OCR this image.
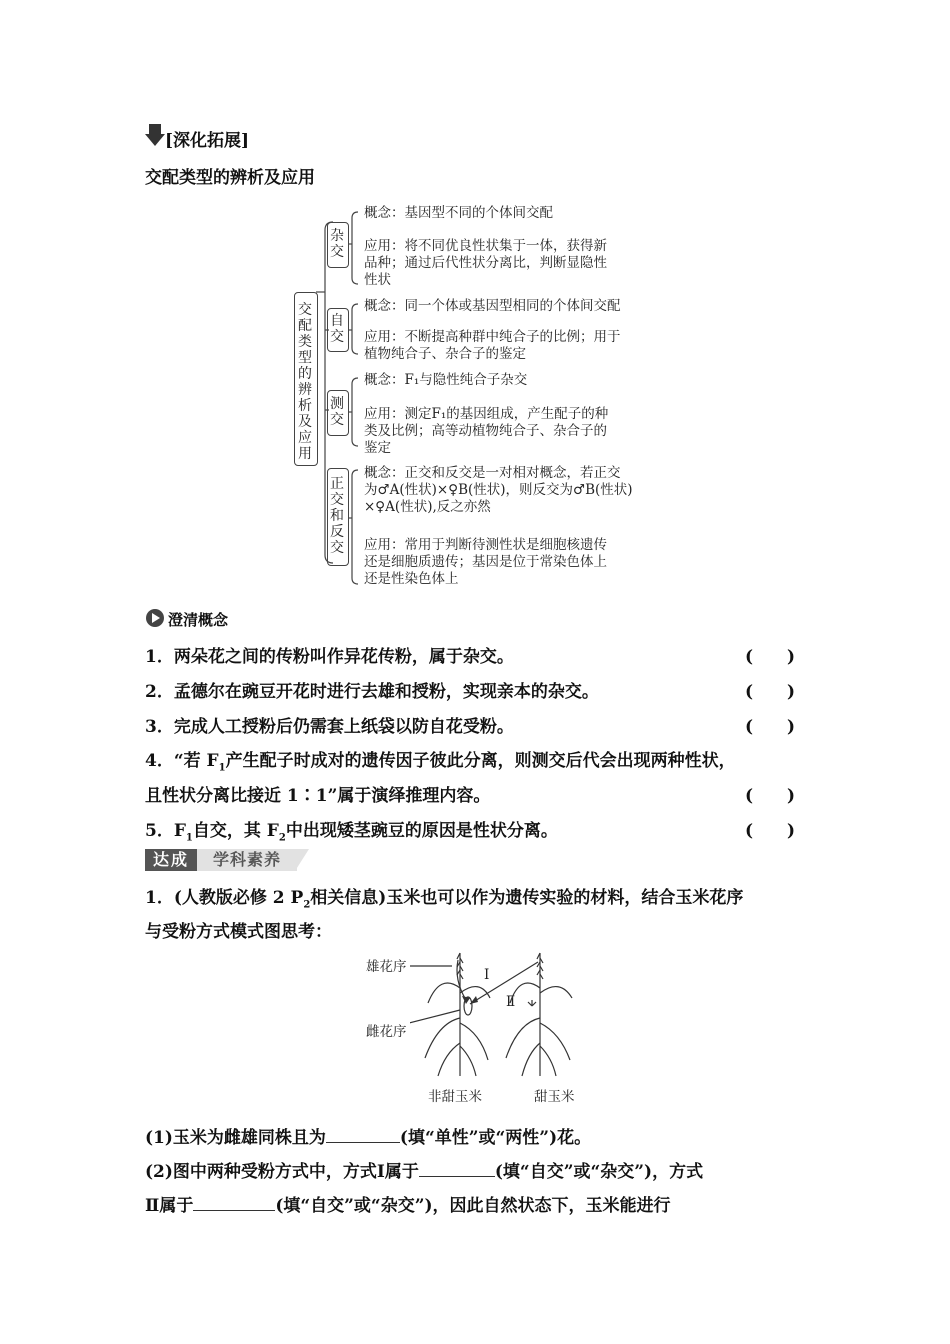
[深化拓展]
交配类型的辨析及应用
交配类型的辨析及应用
杂交
自交
测交
正交和反交
概念：基因型不同的个体间交配
应用：将不同优良性状集于一体，获得新
品种；通过后代性状分离比，判断显隐性
性状
概念：同一个体或基因型相同的个体间交配
应用：不断提高种群中纯合子的比例；用于
植物纯合子、杂合子的鉴定
概念：F₁与隐性纯合子杂交
应用：测定F₁的基因组成，产生配子的种
类及比例；高等动植物纯合子、杂合子的
鉴定
概念：正交和反交是一对相对概念，若正交
为♂A(性状)×♀B(性状)，则反交为♂B(性状)
×♀A(性状),反之亦然
应用：常用于判断待测性状是细胞核遗传
还是细胞质遗传；基因是位于常染色体上
还是性染色体上
澄清概念
1．两朵花之间的传粉叫作异花传粉，属于杂交。	(　　)
2．孟德尔在豌豆开花时进行去雄和授粉，实现亲本的杂交。	(　　)
3．完成人工授粉后仍需套上纸袋以防自花受粉。	(　　)
4．“若 $F_1$产生配子时成对的遗传因子彼此分离，则测交后代会出现两种性状，
且性状分离比接近 1∶1”属于演绎推理内容。	(　　)
5．$F_1$自交，其 $F_2$中出现矮茎豌豆的原因是性状分离。	(　　)
达成	学科素养
1．(人教版必修 2 $P_2$相关信息)玉米也可以作为遗传实验的材料，结合玉米花序
与受粉方式模式图思考：
雄花序
雌花序
Ⅰ
Ⅱ
非甜玉米	甜玉米
(1)玉米为雌雄同株且为	(填“单性”或“两性”)花。
(2)图中两种受粉方式中，方式Ⅰ属于	(填“自交”或“杂交”)，方式
Ⅱ属于	(填“自交”或“杂交”)，因此自然状态下，玉米能进行
